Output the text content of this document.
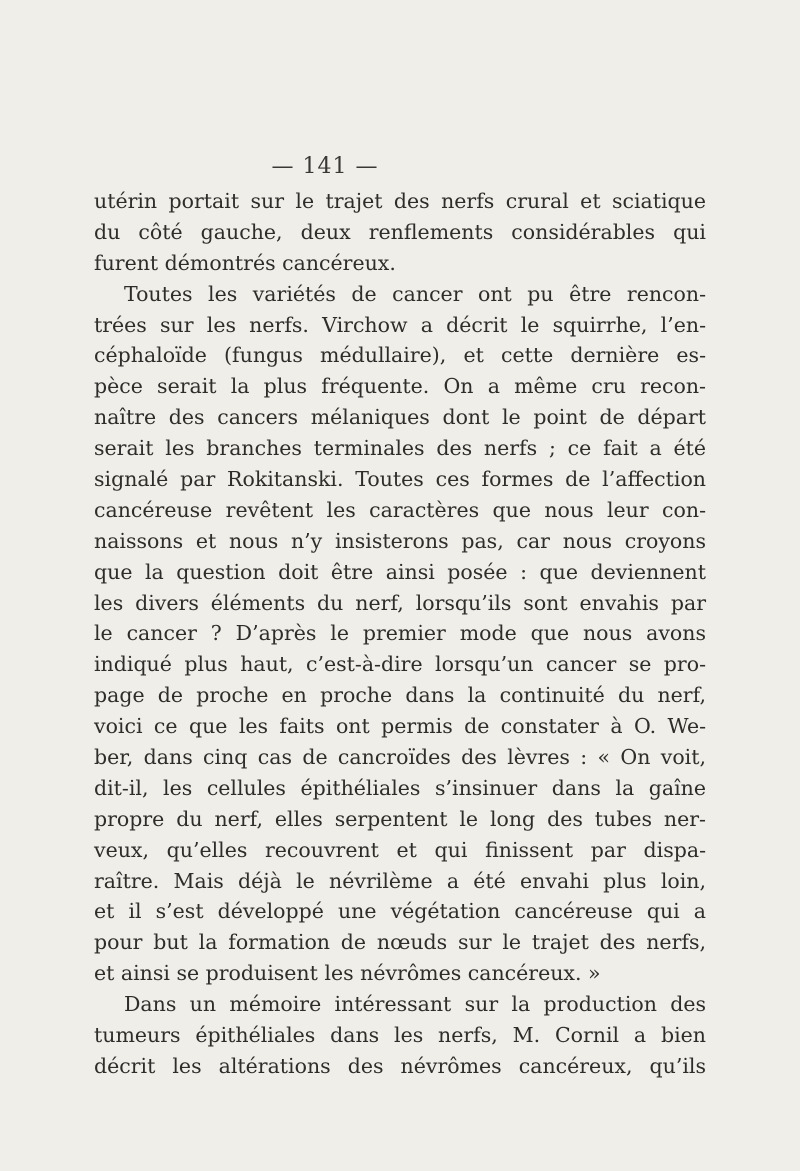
— 141 —
utérin portait sur le trajet des nerfs crural et sciatique
du côté gauche, deux renflements considérables qui
furent démontrés cancéreux.
Toutes les variétés de cancer ont pu être rencon-
trées sur les nerfs. Virchow a décrit le squirrhe, l’en-
céphaloïde (fungus médullaire), et cette dernière es-
pèce serait la plus fréquente. On a même cru recon-
naître des cancers mélaniques dont le point de départ
serait les branches terminales des nerfs ; ce fait a été
signalé par Rokitanski. Toutes ces formes de l’affection
cancéreuse revêtent les caractères que nous leur con-
naissons et nous n’y insisterons pas, car nous croyons
que la question doit être ainsi posée : que deviennent
les divers éléments du nerf, lorsqu’ils sont envahis par
le cancer ? D’après le premier mode que nous avons
indiqué plus haut, c’est-à-dire lorsqu’un cancer se pro-
page de proche en proche dans la continuité du nerf,
voici ce que les faits ont permis de constater à O. We-
ber, dans cinq cas de cancroïdes des lèvres : « On voit,
dit-il, les cellules épithéliales s’insinuer dans la gaîne
propre du nerf, elles serpentent le long des tubes ner-
veux, qu’elles recouvrent et qui finissent par dispa-
raître. Mais déjà le névrilème a été envahi plus loin,
et il s’est développé une végétation cancéreuse qui a
pour but la formation de nœuds sur le trajet des nerfs,
et ainsi se produisent les névrômes cancéreux. »
Dans un mémoire intéressant sur la production des
tumeurs épithéliales dans les nerfs, M. Cornil a bien
décrit les altérations des névrômes cancéreux, qu’ils
